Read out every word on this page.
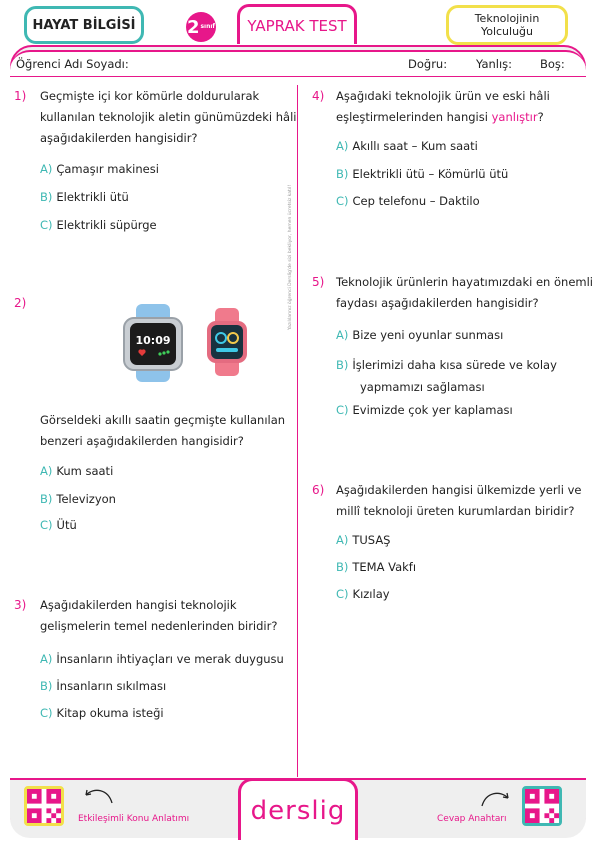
HAYAT BİLGİSİ	2 sınıf	YAPRAK TEST	Teknolojinin
Yolculuğu
Öğrenci Adı Soyadı:	Doğru:	Yanlış: Boş:
1) Geçmişte içi kor kömürle doldurularak
kullanılan teknolojik aletin günümüzdeki hâli
aşağıdakilerden hangisidir?
A) Çamaşır makinesi
B) Elektrikli ütü
C) Elektrikli süpürge
2)
10:09
Görseldeki akıllı saatin geçmişte kullanılan
benzeri aşağıdakilerden hangisidir?
A) Kum saati
B) Televizyon
C) Ütü
3) Aşağıdakilerden hangisi teknolojik
gelişmelerin temel nedenlerinden biridir?
A) İnsanların ihtiyaçları ve merak duygusu
B) İnsanların sıkılması
C) Kitap okuma isteği
Yazılılarınız öğrenci Derslig'de sizi bekliyor, hemen ücretsiz katıl!
4) Aşağıdaki teknolojik ürün ve eski hâli
eşleştirmelerinden hangisi yanlıştır?
A) Akıllı saat – Kum saati
B) Elektrikli ütü – Kömürlü ütü
C) Cep telefonu – Daktilo
5) Teknolojik ürünlerin hayatımızdaki en önemli
faydası aşağıdakilerden hangisidir?
A) Bize yeni oyunlar sunması
B) İşlerimizi daha kısa sürede ve kolay
yapmamızı sağlaması
C) Evimizde çok yer kaplaması
6) Aşağıdakilerden hangisi ülkemizde yerli ve
millî teknoloji üreten kurumlardan biridir?
A) TUSAŞ
B) TEMA Vakfı
C) Kızılay
Etkileşimli Konu Anlatımı	derslig	Cevap Anahtarı
